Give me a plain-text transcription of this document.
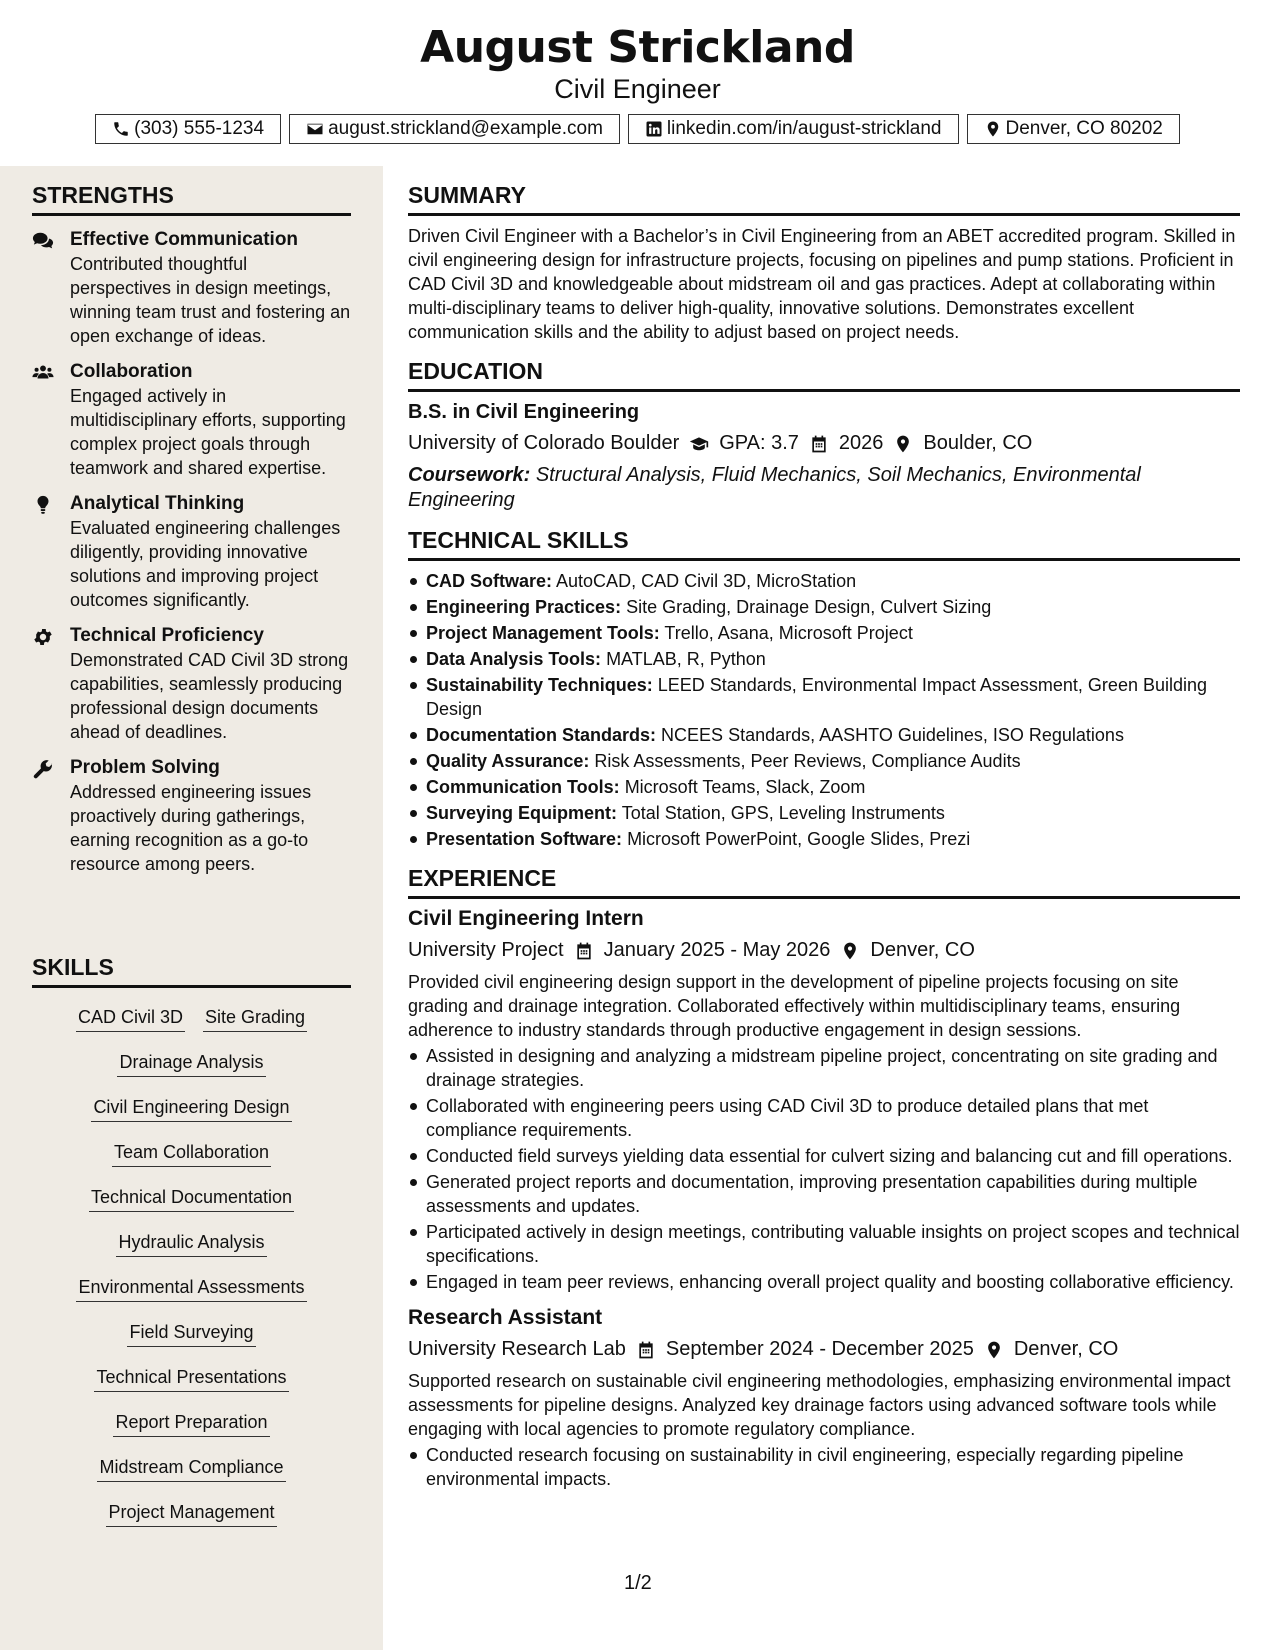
August Strickland
Civil Engineer
(303) 555-1234	august.strickland@example.com	linkedin.com/in/august-strickland	Denver, CO 80202
STRENGTHS
Effective Communication
Contributed thoughtful perspectives in design meetings, winning team trust and fostering an open exchange of ideas.
Collaboration
Engaged actively in multidisciplinary efforts, supporting complex project goals through teamwork and shared expertise.
Analytical Thinking
Evaluated engineering challenges diligently, providing innovative solutions and improving project outcomes significantly.
Technical Proficiency
Demonstrated CAD Civil 3D strong capabilities, seamlessly producing professional design documents ahead of deadlines.
Problem Solving
Addressed engineering issues proactively during gatherings, earning recognition as a go-to resource among peers.
SKILLS
CAD Civil 3D Site Grading
Drainage Analysis
Civil Engineering Design
Team Collaboration
Technical Documentation
Hydraulic Analysis
Environmental Assessments
Field Surveying
Technical Presentations
Report Preparation
Midstream Compliance
Project Management
SUMMARY
Driven Civil Engineer with a Bachelor’s in Civil Engineering from an ABET accredited program. Skilled in civil engineering design for infrastructure projects, focusing on pipelines and pump stations. Proficient in CAD Civil 3D and knowledgeable about midstream oil and gas practices. Adept at collaborating within multi-disciplinary teams to deliver high-quality, innovative solutions. Demonstrates excellent communication skills and the ability to adjust based on project needs.
EDUCATION
B.S. in Civil Engineering
University of Colorado Boulder GPA: 3.7 2026 Boulder, CO
Coursework: Structural Analysis, Fluid Mechanics, Soil Mechanics, Environmental Engineering
TECHNICAL SKILLS
CAD Software: AutoCAD, CAD Civil 3D, MicroStation
Engineering Practices: Site Grading, Drainage Design, Culvert Sizing
Project Management Tools: Trello, Asana, Microsoft Project
Data Analysis Tools: MATLAB, R, Python
Sustainability Techniques: LEED Standards, Environmental Impact Assessment, Green Building Design
Documentation Standards: NCEES Standards, AASHTO Guidelines, ISO Regulations
Quality Assurance: Risk Assessments, Peer Reviews, Compliance Audits
Communication Tools: Microsoft Teams, Slack, Zoom
Surveying Equipment: Total Station, GPS, Leveling Instruments
Presentation Software: Microsoft PowerPoint, Google Slides, Prezi
EXPERIENCE
Civil Engineering Intern
University Project January 2025 - May 2026 Denver, CO
Provided civil engineering design support in the development of pipeline projects focusing on site grading and drainage integration. Collaborated effectively within multidisciplinary teams, ensuring adherence to industry standards through productive engagement in design sessions.
Assisted in designing and analyzing a midstream pipeline project, concentrating on site grading and drainage strategies.
Collaborated with engineering peers using CAD Civil 3D to produce detailed plans that met compliance requirements.
Conducted field surveys yielding data essential for culvert sizing and balancing cut and fill operations.
Generated project reports and documentation, improving presentation capabilities during multiple assessments and updates.
Participated actively in design meetings, contributing valuable insights on project scopes and technical specifications.
Engaged in team peer reviews, enhancing overall project quality and boosting collaborative efficiency.
Research Assistant
University Research Lab September 2024 - December 2025 Denver, CO
Supported research on sustainable civil engineering methodologies, emphasizing environmental impact assessments for pipeline designs. Analyzed key drainage factors using advanced software tools while engaging with local agencies to promote regulatory compliance.
Conducted research focusing on sustainability in civil engineering, especially regarding pipeline environmental impacts.
1/2
